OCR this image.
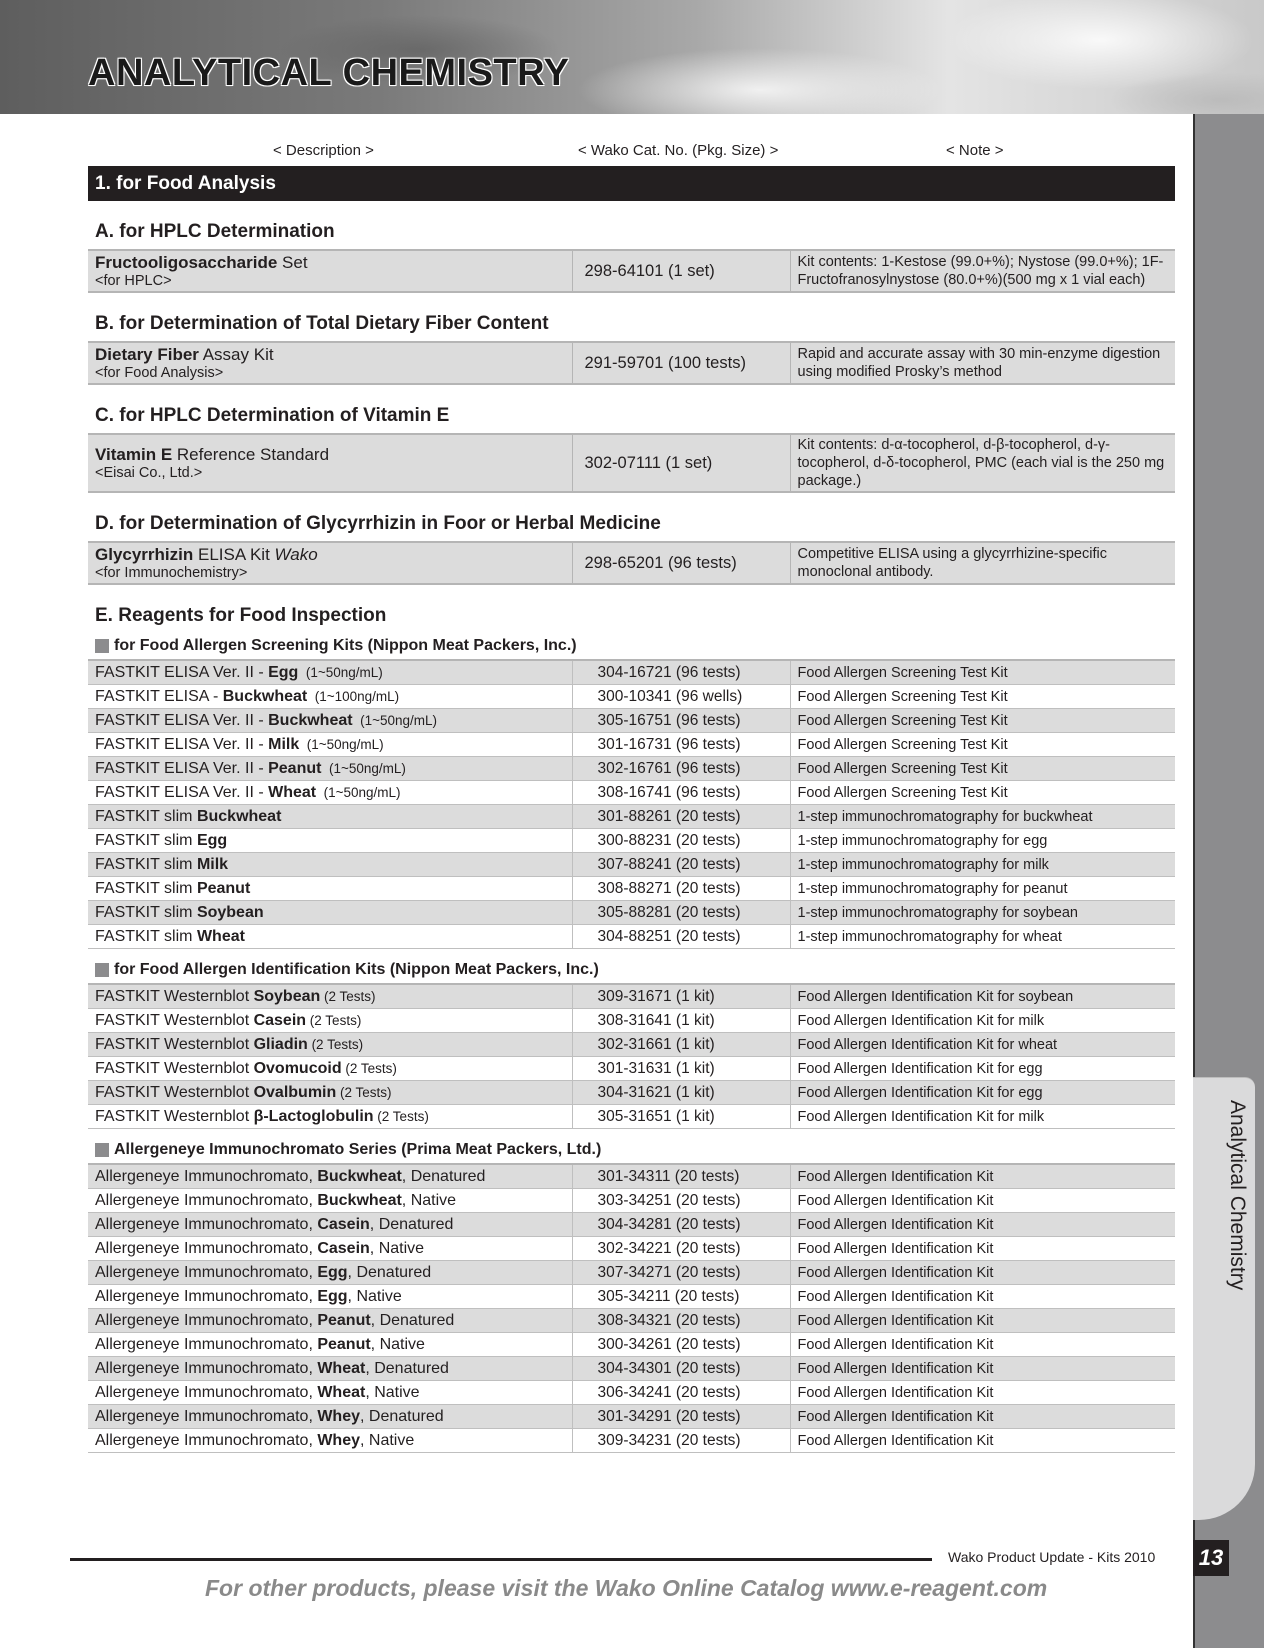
ANALYTICAL CHEMISTRY
Analytical Chemistry
13
< Description >	< Wako Cat. No. (Pkg. Size) >	< Note >
1. for Food Analysis
A. for HPLC Determination
Fructooligosaccharide Set
<for HPLC>
	298-64101 (1 set)	Kit contents: 1-Kestose (99.0+%); Nystose (99.0+%); 1F-Fructofranosylnystose (80.0+%)(500 mg x 1 vial each)
B. for Determination of Total Dietary Fiber Content
Dietary Fiber Assay Kit
<for Food Analysis>
	291-59701 (100 tests)	Rapid and accurate assay with 30 min-enzyme digestion using modified Prosky’s method
C. for HPLC Determination of Vitamin E
Vitamin E Reference Standard
<Eisai Co., Ltd.>
	302-07111 (1 set)	Kit contents: d-α-tocopherol, d-β-tocopherol, d-γ-tocopherol, d-δ-tocopherol, PMC (each vial is the 250 mg package.)
D. for Determination of Glycyrrhizin in Foor or Herbal Medicine
Glycyrrhizin ELISA Kit Wako
<for Immunochemistry>
	298-65201 (96 tests)	Competitive ELISA using a glycyrrhizine-specific monoclonal antibody.
E. Reagents for Food Inspection
for Food Allergen Screening Kits (Nippon Meat Packers, Inc.)
FASTKIT ELISA Ver. II - Egg  (1~50ng/mL)	304-16721 (96 tests)	Food Allergen Screening Test Kit
FASTKIT ELISA - Buckwheat  (1~100ng/mL)	300-10341 (96 wells)	Food Allergen Screening Test Kit
FASTKIT ELISA Ver. II - Buckwheat  (1~50ng/mL)	305-16751 (96 tests)	Food Allergen Screening Test Kit
FASTKIT ELISA Ver. II - Milk  (1~50ng/mL)	301-16731 (96 tests)	Food Allergen Screening Test Kit
FASTKIT ELISA Ver. II - Peanut  (1~50ng/mL)	302-16761 (96 tests)	Food Allergen Screening Test Kit
FASTKIT ELISA Ver. II - Wheat  (1~50ng/mL)	308-16741 (96 tests)	Food Allergen Screening Test Kit
FASTKIT slim Buckwheat	301-88261 (20 tests)	1-step immunochromatography for buckwheat
FASTKIT slim Egg	300-88231 (20 tests)	1-step immunochromatography for egg
FASTKIT slim Milk	307-88241 (20 tests)	1-step immunochromatography for milk
FASTKIT slim Peanut	308-88271 (20 tests)	1-step immunochromatography for peanut
FASTKIT slim Soybean	305-88281 (20 tests)	1-step immunochromatography for soybean
FASTKIT slim Wheat	304-88251 (20 tests)	1-step immunochromatography for wheat
for Food Allergen Identification Kits (Nippon Meat Packers, Inc.)
FASTKIT Westernblot Soybean (2 Tests)	309-31671 (1 kit)	Food Allergen Identification Kit for soybean
FASTKIT Westernblot Casein (2 Tests)	308-31641 (1 kit)	Food Allergen Identification Kit for milk
FASTKIT Westernblot Gliadin (2 Tests)	302-31661 (1 kit)	Food Allergen Identification Kit for wheat
FASTKIT Westernblot Ovomucoid (2 Tests)	301-31631 (1 kit)	Food Allergen Identification Kit for egg
FASTKIT Westernblot Ovalbumin (2 Tests)	304-31621 (1 kit)	Food Allergen Identification Kit for egg
FASTKIT Westernblot β-Lactoglobulin (2 Tests)	305-31651 (1 kit)	Food Allergen Identification Kit for milk
Allergeneye Immunochromato Series (Prima Meat Packers, Ltd.)
Allergeneye Immunochromato, Buckwheat, Denatured	301-34311 (20 tests)	Food Allergen Identification Kit
Allergeneye Immunochromato, Buckwheat, Native	303-34251 (20 tests)	Food Allergen Identification Kit
Allergeneye Immunochromato, Casein, Denatured	304-34281 (20 tests)	Food Allergen Identification Kit
Allergeneye Immunochromato, Casein, Native	302-34221 (20 tests)	Food Allergen Identification Kit
Allergeneye Immunochromato, Egg, Denatured	307-34271 (20 tests)	Food Allergen Identification Kit
Allergeneye Immunochromato, Egg, Native	305-34211 (20 tests)	Food Allergen Identification Kit
Allergeneye Immunochromato, Peanut, Denatured	308-34321 (20 tests)	Food Allergen Identification Kit
Allergeneye Immunochromato, Peanut, Native	300-34261 (20 tests)	Food Allergen Identification Kit
Allergeneye Immunochromato, Wheat, Denatured	304-34301 (20 tests)	Food Allergen Identification Kit
Allergeneye Immunochromato, Wheat, Native	306-34241 (20 tests)	Food Allergen Identification Kit
Allergeneye Immunochromato, Whey, Denatured	301-34291 (20 tests)	Food Allergen Identification Kit
Allergeneye Immunochromato, Whey, Native	309-34231 (20 tests)	Food Allergen Identification Kit
Wako Product Update - Kits 2010
For other products, please visit the Wako Online Catalog www.e-reagent.com
